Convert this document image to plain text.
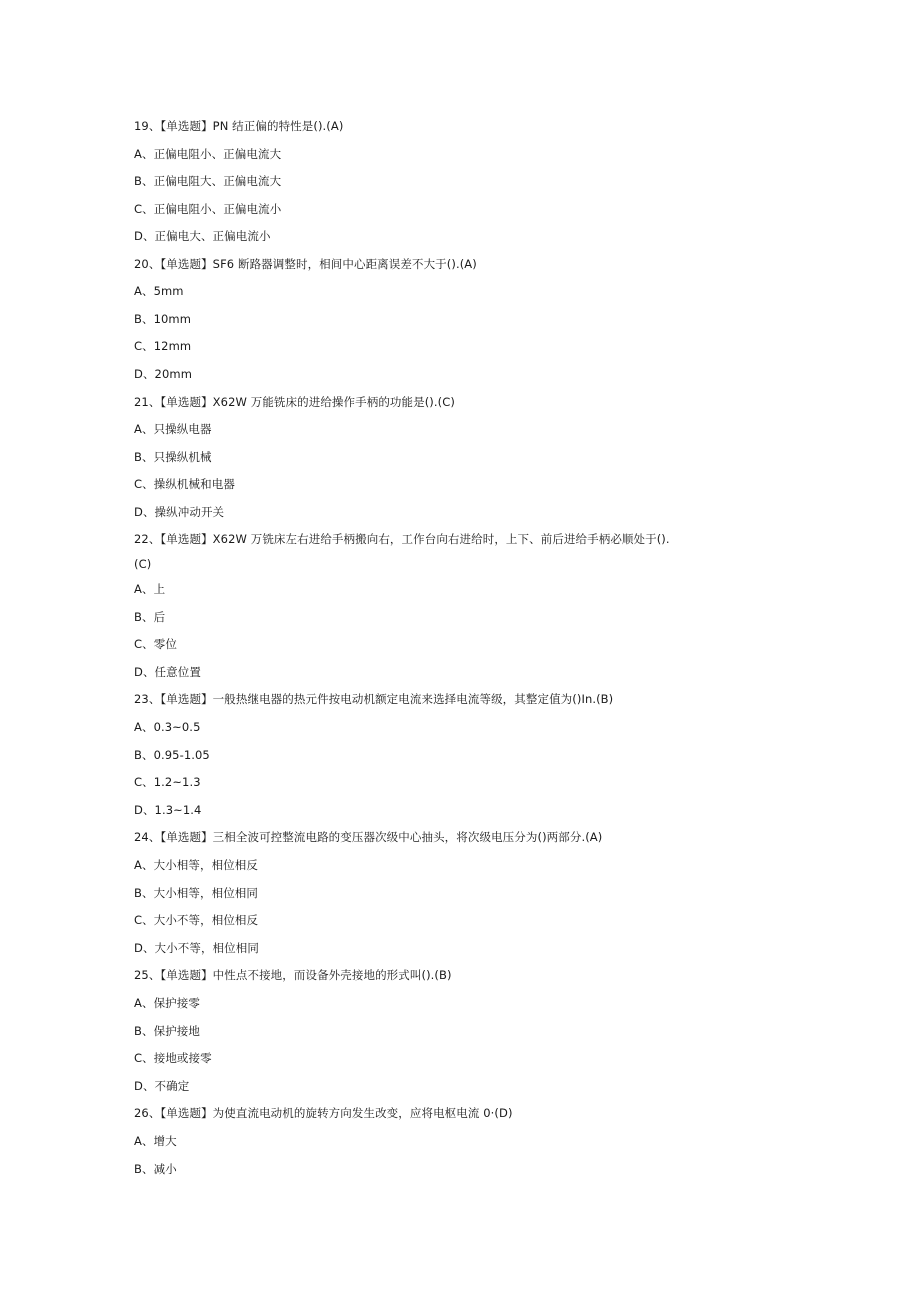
19、【单选题】PN 结正偏的特性是().(A)
A、正偏电阻小、正偏电流大
B、正偏电阻大、正偏电流大
C、正偏电阻小、正偏电流小
D、正偏电大、正偏电流小
20、【单选题】SF6 断路器调整时，相间中心距离误差不大于().(A)
A、5mm
B、10mm
C、12mm
D、20mm
21、【单选题】X62W 万能铣床的进给操作手柄的功能是().(C)
A、只操纵电器
B、只操纵机械
C、操纵机械和电器
D、操纵冲动开关
22、【单选题】X62W 万铣床左右进给手柄搬向右，工作台向右进给时，上下、前后进给手柄必顺处于().
(C)
A、上
B、后
C、零位
D、任意位置
23、【单选题】一般热继电器的热元件按电动机额定电流来选择电流等级，其整定值为()In.(B)
A、0.3~0.5
B、0.95-1.05
C、1.2~1.3
D、1.3~1.4
24、【单选题】三相全波可控整流电路的变压器次级中心抽头，将次级电压分为()两部分.(A)
A、大小相等，相位相反
B、大小相等，相位相同
C、大小不等，相位相反
D、大小不等，相位相同
25、【单选题】中性点不接地，而设备外壳接地的形式叫().(B)
A、保护接零
B、保护接地
C、接地或接零
D、不确定
26、【单选题】为使直流电动机的旋转方向发生改变，应将电枢电流 0·(D)
A、增大
B、减小
